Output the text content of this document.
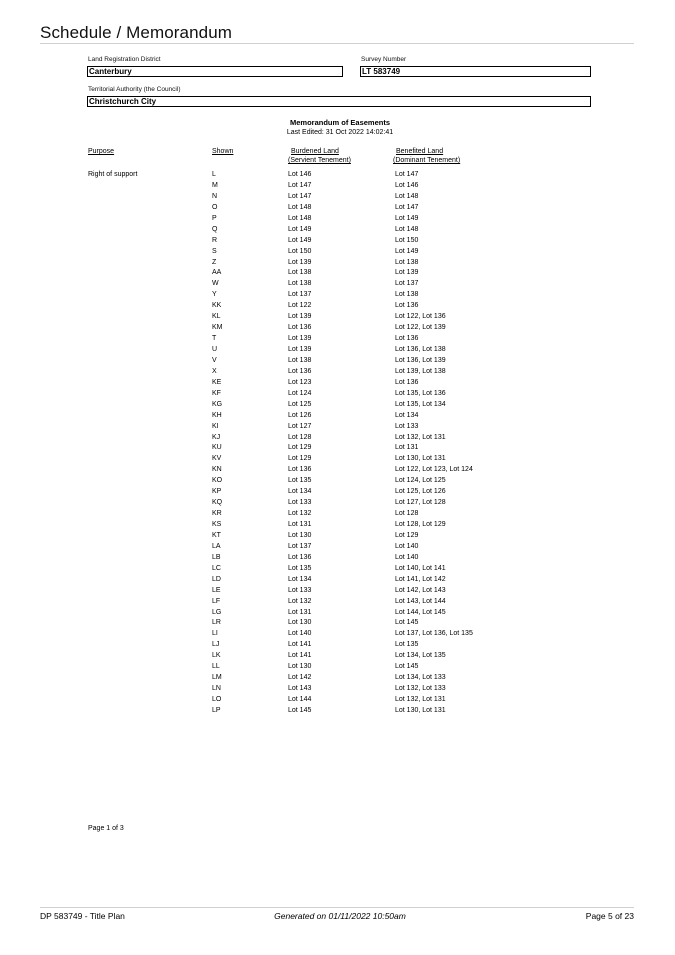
Schedule / Memorandum
Land Registration District
Canterbury
Survey Number
LT 583749
Territorial Authority (the Council)
Christchurch City
Memorandum of Easements
Last Edited: 31 Oct 2022 14:02:41
Purpose	Shown	Burdened Land
(Servient Tenement)
Benefited Land
(Dominant Tenement)
Right of support	L	Lot 146	Lot 147
M	Lot 147	Lot 146
N	Lot 147	Lot 148
O	Lot 148	Lot 147
P	Lot 148	Lot 149
Q	Lot 149	Lot 148
R	Lot 149	Lot 150
S	Lot 150	Lot 149
Z	Lot 139	Lot 138
AA	Lot 138	Lot 139
W	Lot 138	Lot 137
Y	Lot 137	Lot 138
KK	Lot 122	Lot 136
KL	Lot 139	Lot 122, Lot 136
KM	Lot 136	Lot 122, Lot 139
T	Lot 139	Lot 136
U	Lot 139	Lot 136, Lot 138
V	Lot 138	Lot 136, Lot 139
X	Lot 136	Lot 139, Lot 138
KE	Lot 123	Lot 136
KF	Lot 124	Lot 135, Lot 136
KG	Lot 125	Lot 135, Lot 134
KH	Lot 126	Lot 134
KI	Lot 127	Lot 133
KJ	Lot 128	Lot 132, Lot 131
KU	Lot 129	Lot 131
KV	Lot 129	Lot 130, Lot 131
KN	Lot 136	Lot 122, Lot 123, Lot 124
KO	Lot 135	Lot 124, Lot 125
KP	Lot 134	Lot 125, Lot 126
KQ	Lot 133	Lot 127, Lot 128
KR	Lot 132	Lot 128
KS	Lot 131	Lot 128, Lot 129
KT	Lot 130	Lot 129
LA	Lot 137	Lot 140
LB	Lot 136	Lot 140
LC	Lot 135	Lot 140, Lot 141
LD	Lot 134	Lot 141, Lot 142
LE	Lot 133	Lot 142, Lot 143
LF	Lot 132	Lot 143, Lot 144
LG	Lot 131	Lot 144, Lot 145
LR	Lot 130	Lot 145
LI	Lot 140	Lot 137, Lot 136, Lot 135
LJ	Lot 141	Lot 135
LK	Lot 141	Lot 134, Lot 135
LL	Lot 130	Lot 145
LM	Lot 142	Lot 134, Lot 133
LN	Lot 143	Lot 132, Lot 133
LO	Lot 144	Lot 132, Lot 131
LP	Lot 145	Lot 130, Lot 131
Page 1 of 3
DP 583749 - Title Plan	Generated on 01/11/2022 10:50am	Page 5 of 23
